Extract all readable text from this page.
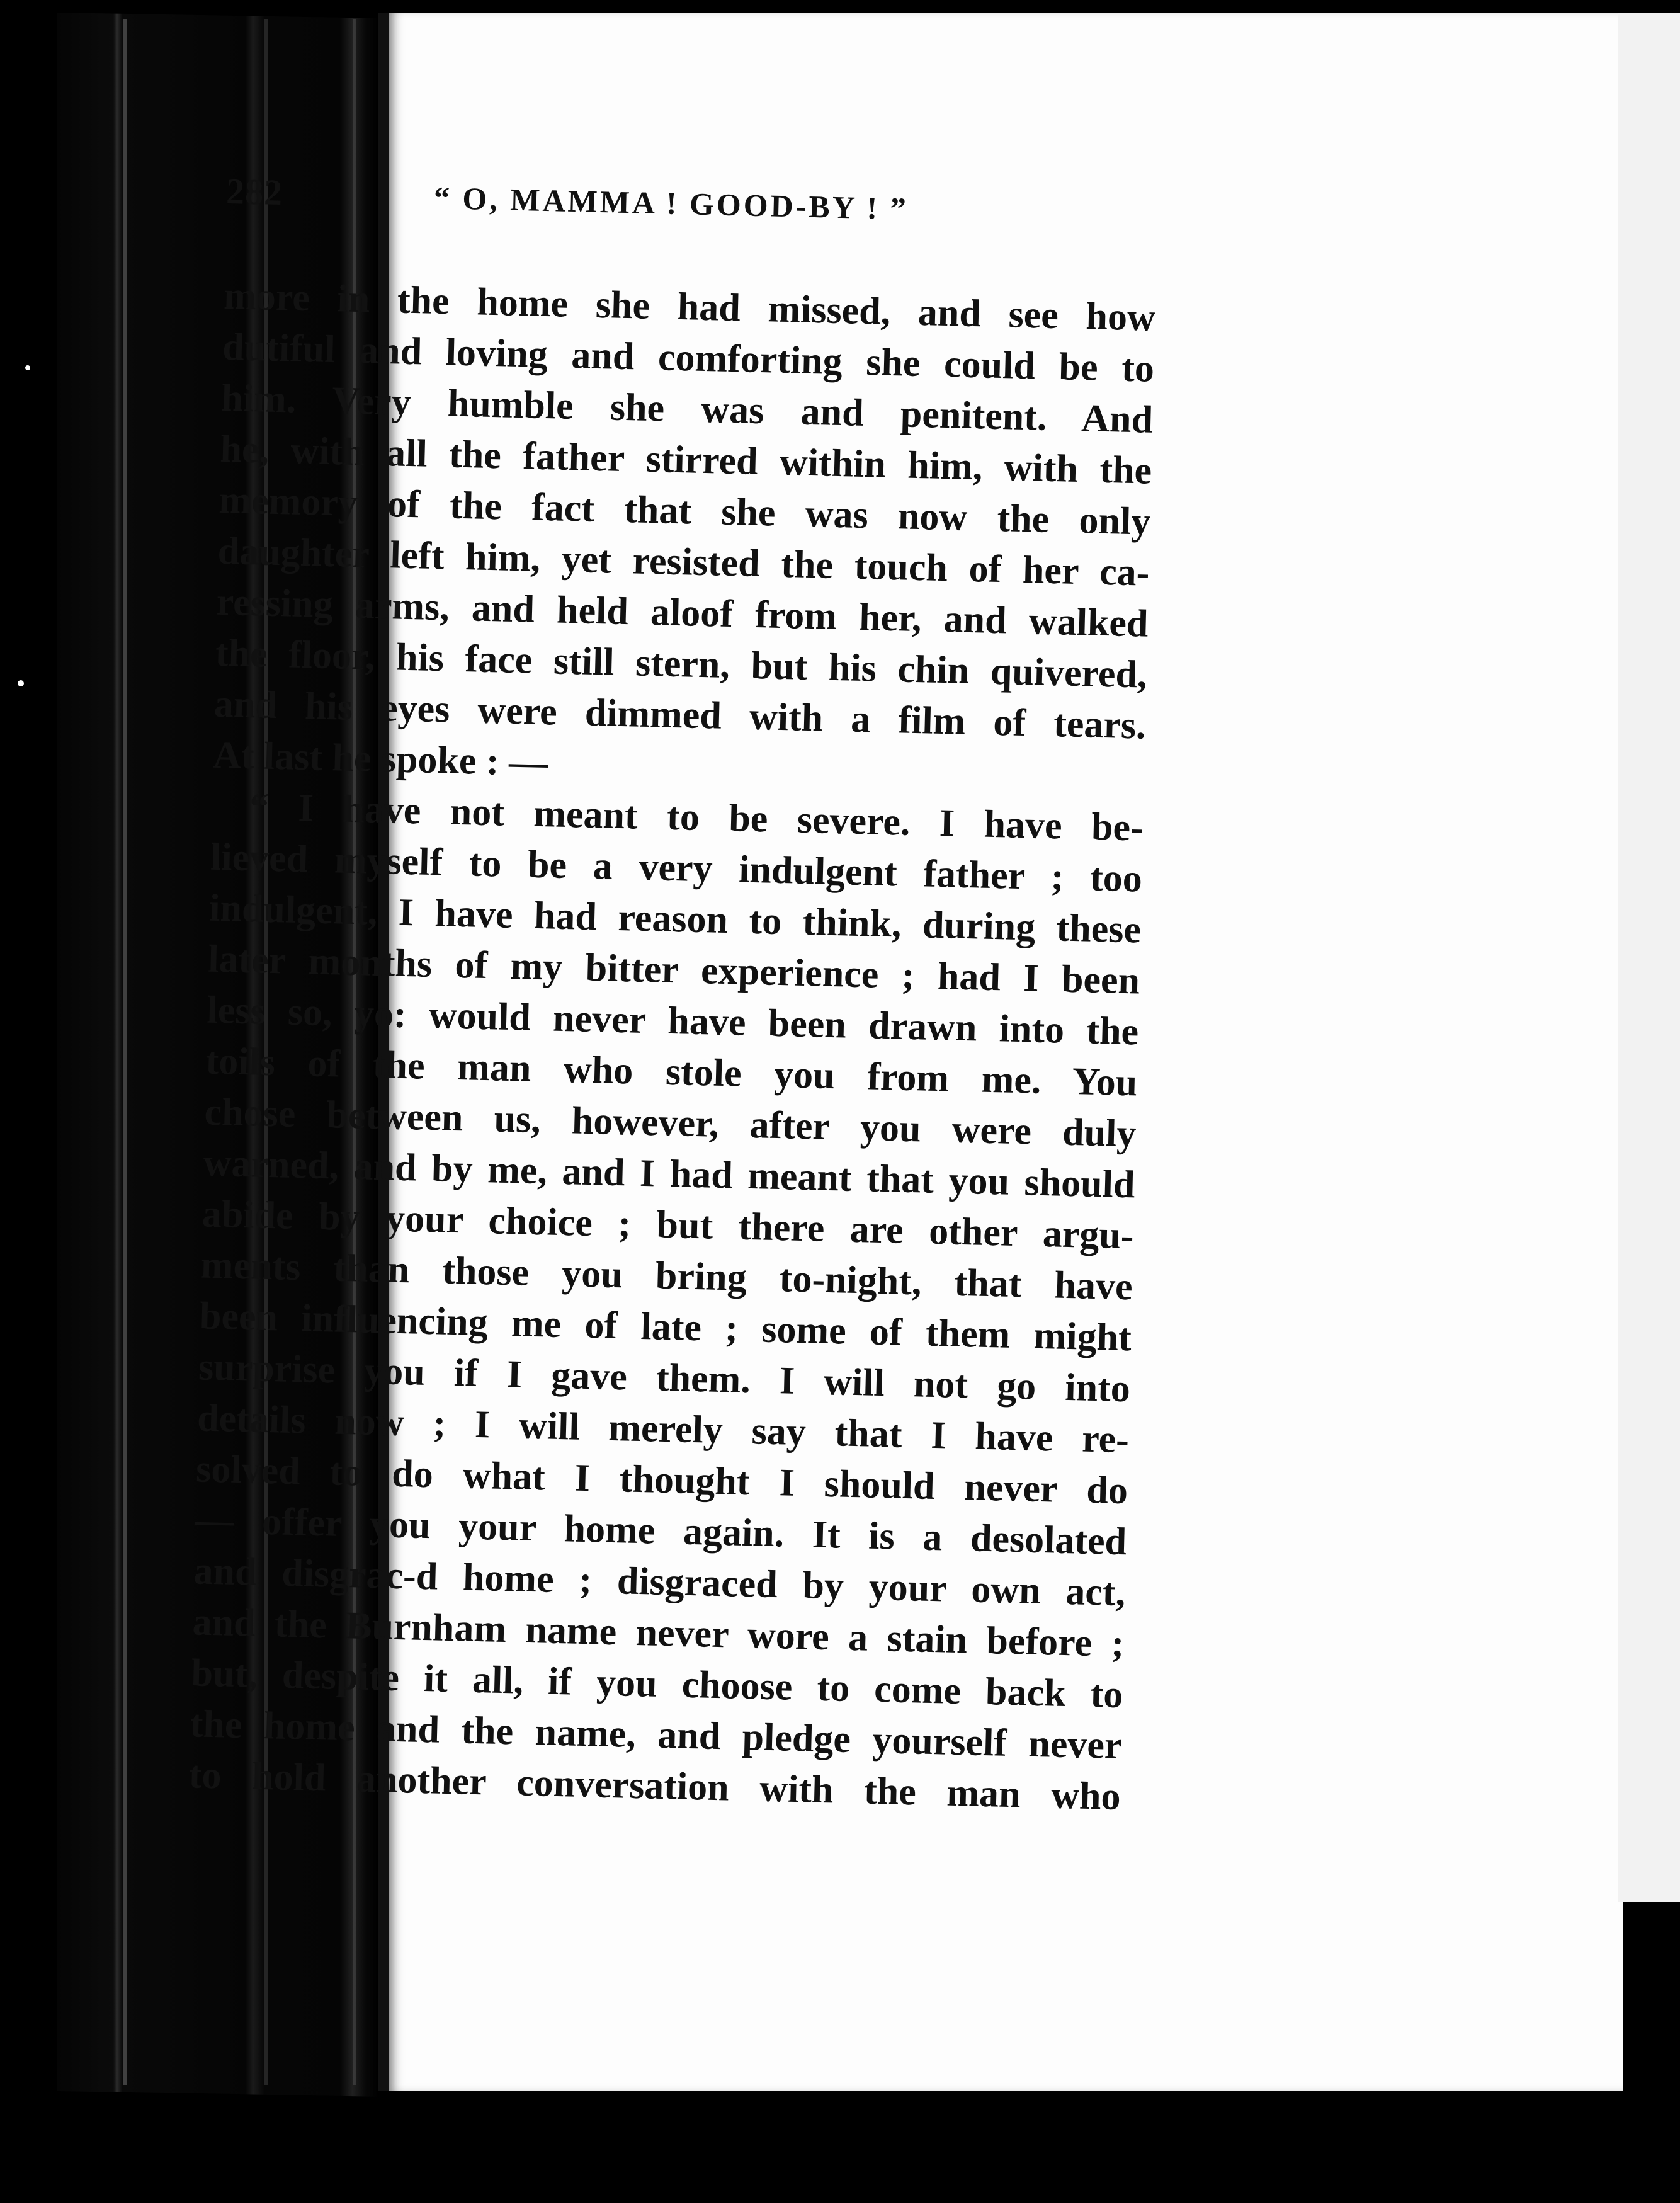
282	“ O, MAMMA ! GOOD-BY ! ”
more in the home she had missed, and see how
dutiful and loving and comforting she could be to
him. Very humble she was and penitent. And
he, with all the father stirred within him, with the
memory of the fact that she was now the only
daughter left him, yet resisted the touch of her ca-
ressing arms, and held aloof from her, and walked
the floor, his face still stern, but his chin quivered,
and his eyes were dimmed with a film of tears.
At last he spoke : —
“ I have not meant to be severe. I have be-
lieved myself to be a very indulgent father ; too
indulgent, I have had reason to think, during these
later months of my bitter experience ; had I been
less so, yo: would never have been drawn into the
toils of the man who stole you from me. You
chose between us, however, after you were duly
warned, and by me, and I had meant that you should
abide by your choice ; but there are other argu-
ments than those you bring to-night, that have
been influencing me of late ; some of them might
surprise you if I gave them. I will not go into
details now ; I will merely say that I have re-
solved to do what I thought I should never do
— offer you your home again. It is a desolated
and disgrac-d home ; disgraced by your own act,
and the Burnham name never wore a stain before ;
but, despite it all, if you choose to come back to
the home and the name, and pledge yourself never
to hold another conversation with the man who
